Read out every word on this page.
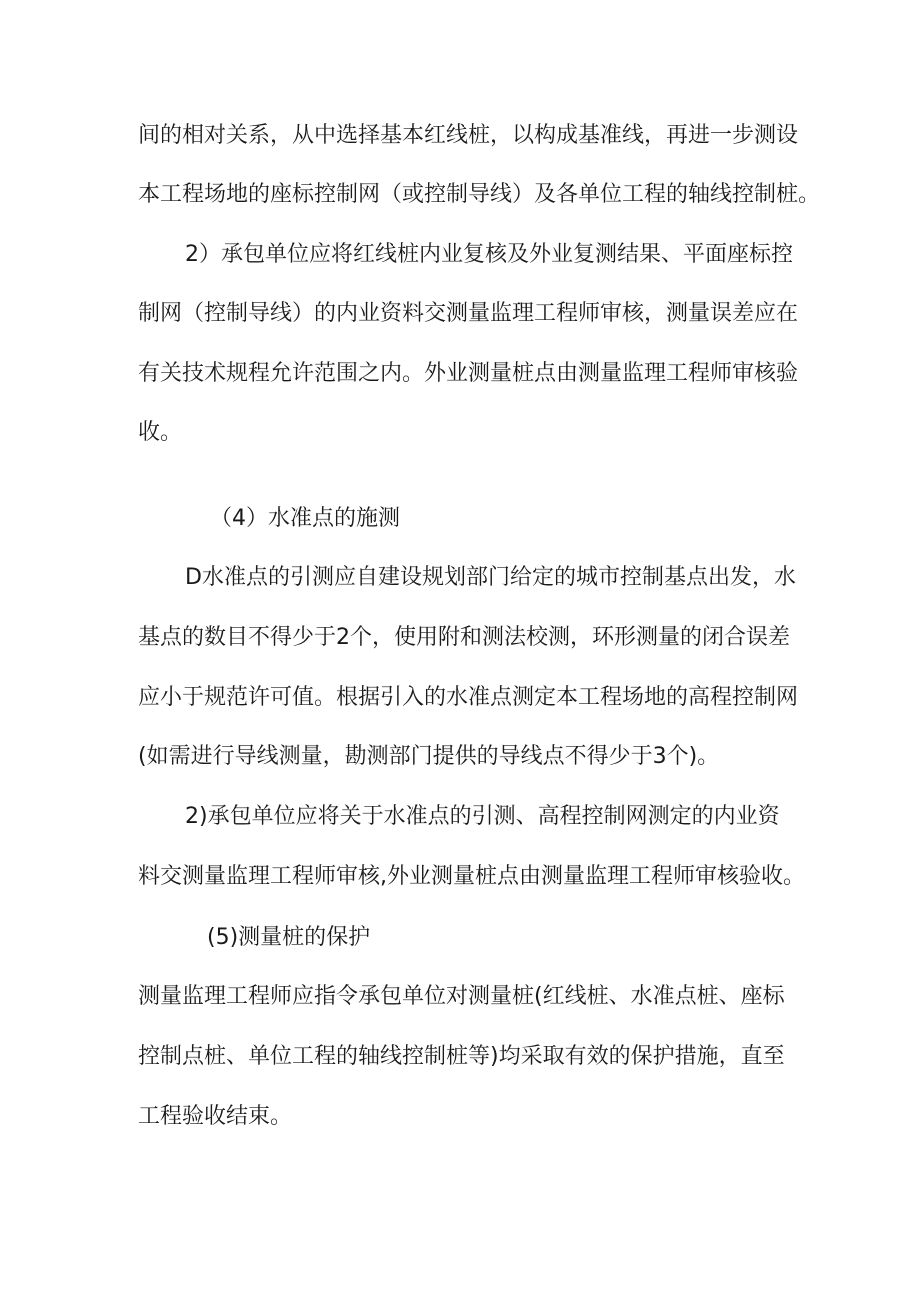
间的相对关系，从中选择基本红线桩，以构成基准线，再进一步测设
本工程场地的座标控制网（或控制导线）及各单位工程的轴线控制桩。
2）承包单位应将红线桩内业复核及外业复测结果、平面座标控
制网（控制导线）的内业资料交测量监理工程师审核，测量误差应在
有关技术规程允许范围之内。外业测量桩点由测量监理工程师审核验
收。
（4）水准点的施测
D水准点的引测应自建设规划部门给定的城市控制基点出发，水
基点的数目不得少于2个，使用附和测法校测，环形测量的闭合误差
应小于规范许可值。根据引入的水准点测定本工程场地的高程控制网
(如需进行导线测量，勘测部门提供的导线点不得少于3个)。
2)承包单位应将关于水准点的引测、高程控制网测定的内业资
料交测量监理工程师审核,外业测量桩点由测量监理工程师审核验收。
(5)测量桩的保护
测量监理工程师应指令承包单位对测量桩(红线桩、水准点桩、座标
控制点桩、单位工程的轴线控制桩等)均采取有效的保护措施，直至
工程验收结束。
